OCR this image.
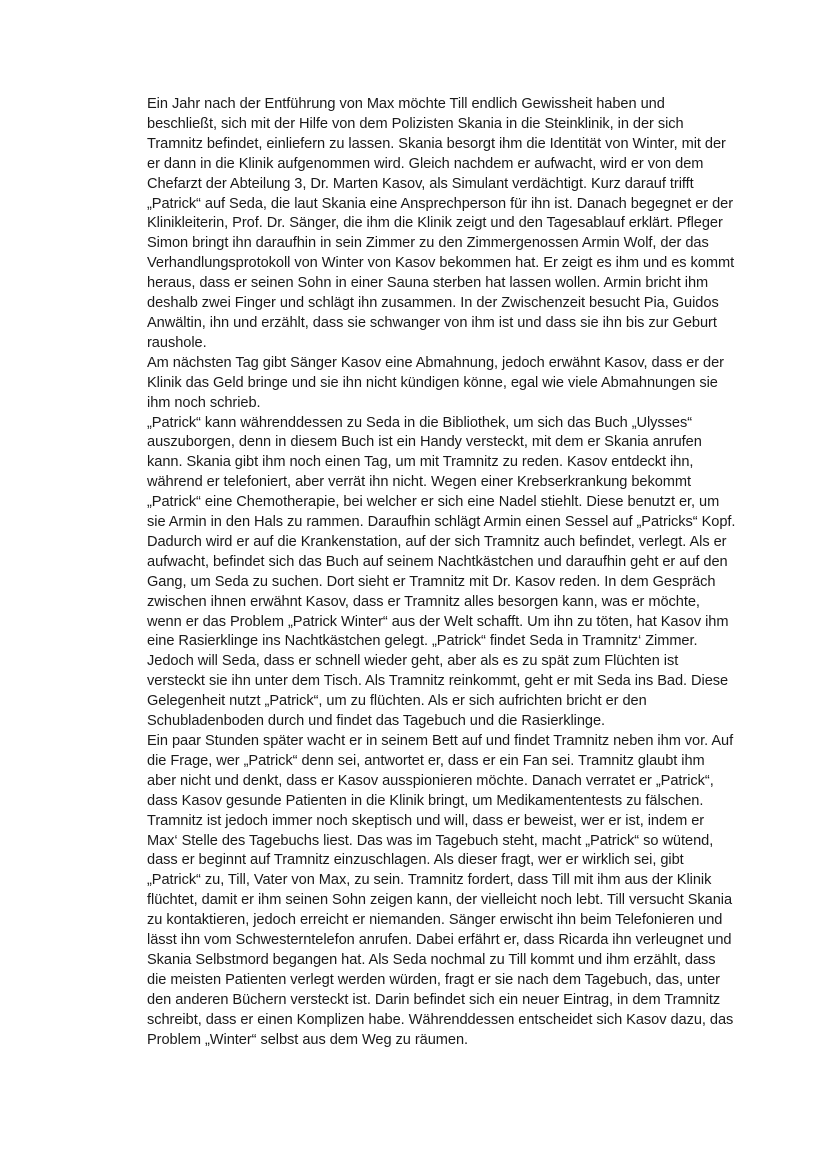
Ein Jahr nach der Entführung von Max möchte Till endlich Gewissheit haben und beschließt, sich mit der Hilfe von dem Polizisten Skania in die Steinklinik, in der sich Tramnitz befindet, einliefern zu lassen. Skania besorgt ihm die Identität von Winter, mit der er dann in die Klinik aufgenommen wird. Gleich nachdem er aufwacht, wird er von dem Chefarzt der Abteilung 3, Dr. Marten Kasov, als Simulant verdächtigt. Kurz darauf trifft „Patrick“ auf Seda, die laut Skania eine Ansprechperson für ihn ist. Danach begegnet er der Klinikleiterin, Prof. Dr. Sänger, die ihm die Klinik zeigt und den Tagesablauf erklärt. Pfleger Simon bringt ihn daraufhin in sein Zimmer zu den Zimmergenossen Armin Wolf, der das Verhandlungsprotokoll von Winter von Kasov bekommen hat. Er zeigt es ihm und es kommt heraus, dass er seinen Sohn in einer Sauna sterben hat lassen wollen. Armin bricht ihm deshalb zwei Finger und schlägt ihn zusammen. In der Zwischenzeit besucht Pia, Guidos Anwältin, ihn und erzählt, dass sie schwanger von ihm ist und dass sie ihn bis zur Geburt raushole.

Am nächsten Tag gibt Sänger Kasov eine Abmahnung, jedoch erwähnt Kasov, dass er der Klinik das Geld bringe und sie ihn nicht kündigen könne, egal wie viele Abmahnungen sie ihm noch schrieb.

„Patrick“ kann währenddessen zu Seda in die Bibliothek, um sich das Buch „Ulysses“ auszuborgen, denn in diesem Buch ist ein Handy versteckt, mit dem er Skania anrufen kann. Skania gibt ihm noch einen Tag, um mit Tramnitz zu reden. Kasov entdeckt ihn, während er telefoniert, aber verrät ihn nicht. Wegen einer Krebserkrankung bekommt „Patrick“ eine Chemotherapie, bei welcher er sich eine Nadel stiehlt. Diese benutzt er, um sie Armin in den Hals zu rammen. Daraufhin schlägt Armin einen Sessel auf „Patricks“ Kopf.

Dadurch wird er auf die Krankenstation, auf der sich Tramnitz auch befindet, verlegt. Als er aufwacht, befindet sich das Buch auf seinem Nachtkästchen und daraufhin geht er auf den Gang, um Seda zu suchen. Dort sieht er Tramnitz mit Dr. Kasov reden. In dem Gespräch zwischen ihnen erwähnt Kasov, dass er Tramnitz alles besorgen kann, was er möchte, wenn er das Problem „Patrick Winter“ aus der Welt schafft. Um ihn zu töten, hat Kasov ihm eine Rasierklinge ins Nachtkästchen gelegt. „Patrick“ findet Seda in Tramnitz‘ Zimmer. Jedoch will Seda, dass er schnell wieder geht, aber als es zu spät zum Flüchten ist versteckt sie ihn unter dem Tisch. Als Tramnitz reinkommt, geht er mit Seda ins Bad. Diese Gelegenheit nutzt „Patrick“, um zu flüchten. Als er sich aufrichten bricht er den Schubladenboden durch und findet das Tagebuch und die Rasierklinge.

Ein paar Stunden später wacht er in seinem Bett auf und findet Tramnitz neben ihm vor. Auf die Frage, wer „Patrick“ denn sei, antwortet er, dass er ein Fan sei. Tramnitz glaubt ihm aber nicht und denkt, dass er Kasov ausspionieren möchte. Danach verratet er „Patrick“, dass Kasov gesunde Patienten in die Klinik bringt, um Medikamententests zu fälschen. Tramnitz ist jedoch immer noch skeptisch und will, dass er beweist, wer er ist, indem er Max‘ Stelle des Tagebuchs liest. Das was im Tagebuch steht, macht „Patrick“ so wütend, dass er beginnt auf Tramnitz einzuschlagen. Als dieser fragt, wer er wirklich sei, gibt „Patrick“ zu, Till, Vater von Max, zu sein. Tramnitz fordert, dass Till mit ihm aus der Klinik flüchtet, damit er ihm seinen Sohn zeigen kann, der vielleicht noch lebt. Till versucht Skania zu kontaktieren, jedoch erreicht er niemanden. Sänger erwischt ihn beim Telefonieren und lässt ihn vom Schwesterntelefon anrufen. Dabei erfährt er, dass Ricarda ihn verleugnet und Skania Selbstmord begangen hat. Als Seda nochmal zu Till kommt und ihm erzählt, dass die meisten Patienten verlegt werden würden, fragt er sie nach dem Tagebuch, das, unter den anderen Büchern versteckt ist. Darin befindet sich ein neuer Eintrag, in dem Tramnitz schreibt, dass er einen Komplizen habe. Währenddessen entscheidet sich Kasov dazu, das Problem „Winter“ selbst aus dem Weg zu räumen.
